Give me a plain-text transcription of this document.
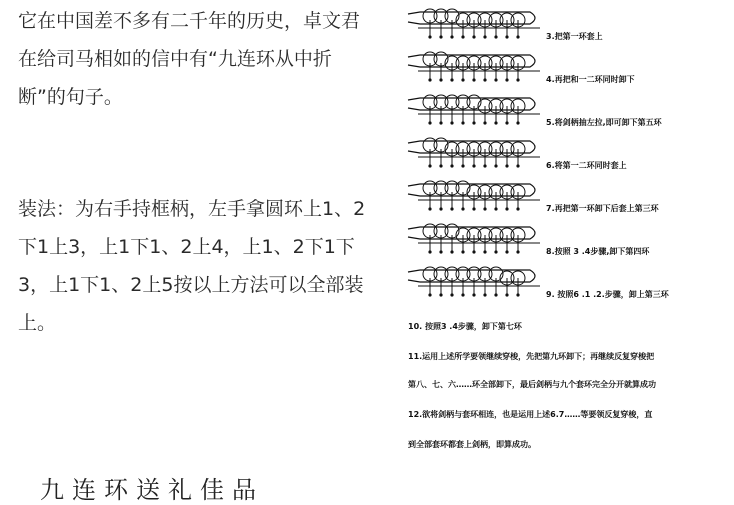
它在中国差不多有二千年的历史，卓文君在给司马相如的信中有“九连环从中折断”的句子。

装法：为右手持框柄，左手拿圆环上1、2下1上3，上1下1、2上4，上1、2下1下3，上1下1、2上5按以上方法可以全部装上。

九连环送礼佳品

3.把第一环套上

4.再把和一二环同时卸下

5.将剑柄抽左拉,即可卸下第五环

6.将第一二环同时套上

7.再把第一环卸下后套上第三环

8.按照 3 .4步骤,卸下第四环

9. 按照6 .1 .2.步骤，卸上第三环

10. 按照3 .4步骤，卸下第七环

11.运用上述所学要领继续穿梭，先把第九环卸下；再继续反复穿梭把

第八、七、六……环全部卸下，最后剑柄与九个套环完全分开就算成功

12.欲将剑柄与套环相连，也是运用上述6.7……等要领反复穿梭，直

到全部套环都套上剑柄，即算成功。
